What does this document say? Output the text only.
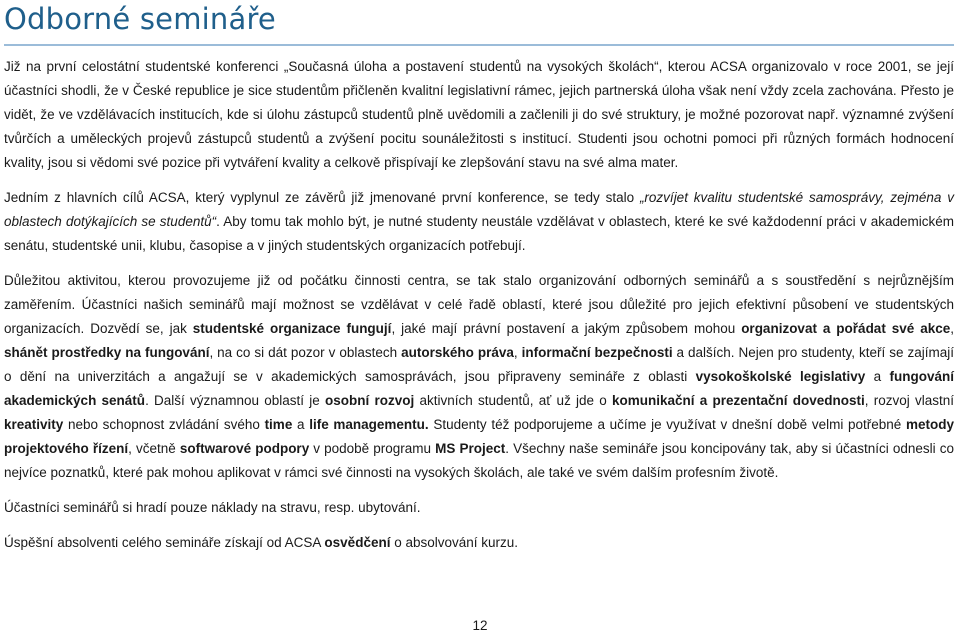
Odborné semináře

Již na první celostátní studentské konferenci „Současná úloha a postavení studentů na vysokých školách“, kterou ACSA organizovalo v roce 2001, se její účastníci shodli, že v České republice je sice studentům přičleněn kvalitní legislativní rámec, jejich partnerská úloha však není vždy zcela zachována. Přesto je vidět, že ve vzdělávacích institucích, kde si úlohu zástupců studentů plně uvědomili a začlenili ji do své struktury, je možné pozorovat např. významné zvýšení tvůrčích a uměleckých projevů zástupců studentů a zvýšení pocitu sounáležitosti s institucí. Studenti jsou ochotni pomoci při různých formách hodnocení kvality, jsou si vědomi své pozice při vytváření kvality a celkově přispívají ke zlepšování stavu na své alma mater.

Jedním z hlavních cílů ACSA, který vyplynul ze závěrů již jmenované první konference, se tedy stalo „rozvíjet kvalitu studentské samosprávy, zejména v oblastech dotýkajících se studentů“. Aby tomu tak mohlo být, je nutné studenty neustále vzdělávat v oblastech, které ke své každodenní práci v akademickém senátu, studentské unii, klubu, časopise a v jiných studentských organizacích potřebují.

Důležitou aktivitou, kterou provozujeme již od počátku činnosti centra, se tak stalo organizování odborných seminářů a s soustředění s nejrůznějším zaměřením. Účastníci našich seminářů mají možnost se vzdělávat v celé řadě oblastí, které jsou důležité pro jejich efektivní působení ve studentských organizacích. Dozvědí se, jak studentské organizace fungují, jaké mají právní postavení a jakým způsobem mohou organizovat a pořádat své akce, shánět prostředky na fungování, na co si dát pozor v oblastech autorského práva, informační bezpečnosti a dalších. Nejen pro studenty, kteří se zajímají o dění na univerzitách a angažují se v akademických samosprávách, jsou připraveny semináře z oblasti vysokoškolské legislativy a fungování akademických senátů. Další významnou oblastí je osobní rozvoj aktivních studentů, ať už jde o komunikační a prezentační dovednosti, rozvoj vlastní kreativity nebo schopnost zvládání svého time a life managementu. Studenty též podporujeme a učíme je využívat v dnešní době velmi potřebné metody projektového řízení, včetně softwarové podpory v podobě programu MS Project. Všechny naše semináře jsou koncipovány tak, aby si účastníci odnesli co nejvíce poznatků, které pak mohou aplikovat v rámci své činnosti na vysokých školách, ale také ve svém dalším profesním životě.

Účastníci seminářů si hradí pouze náklady na stravu, resp. ubytování.

Úspěšní absolventi celého semináře získají od ACSA osvědčení o absolvování kurzu.

12
